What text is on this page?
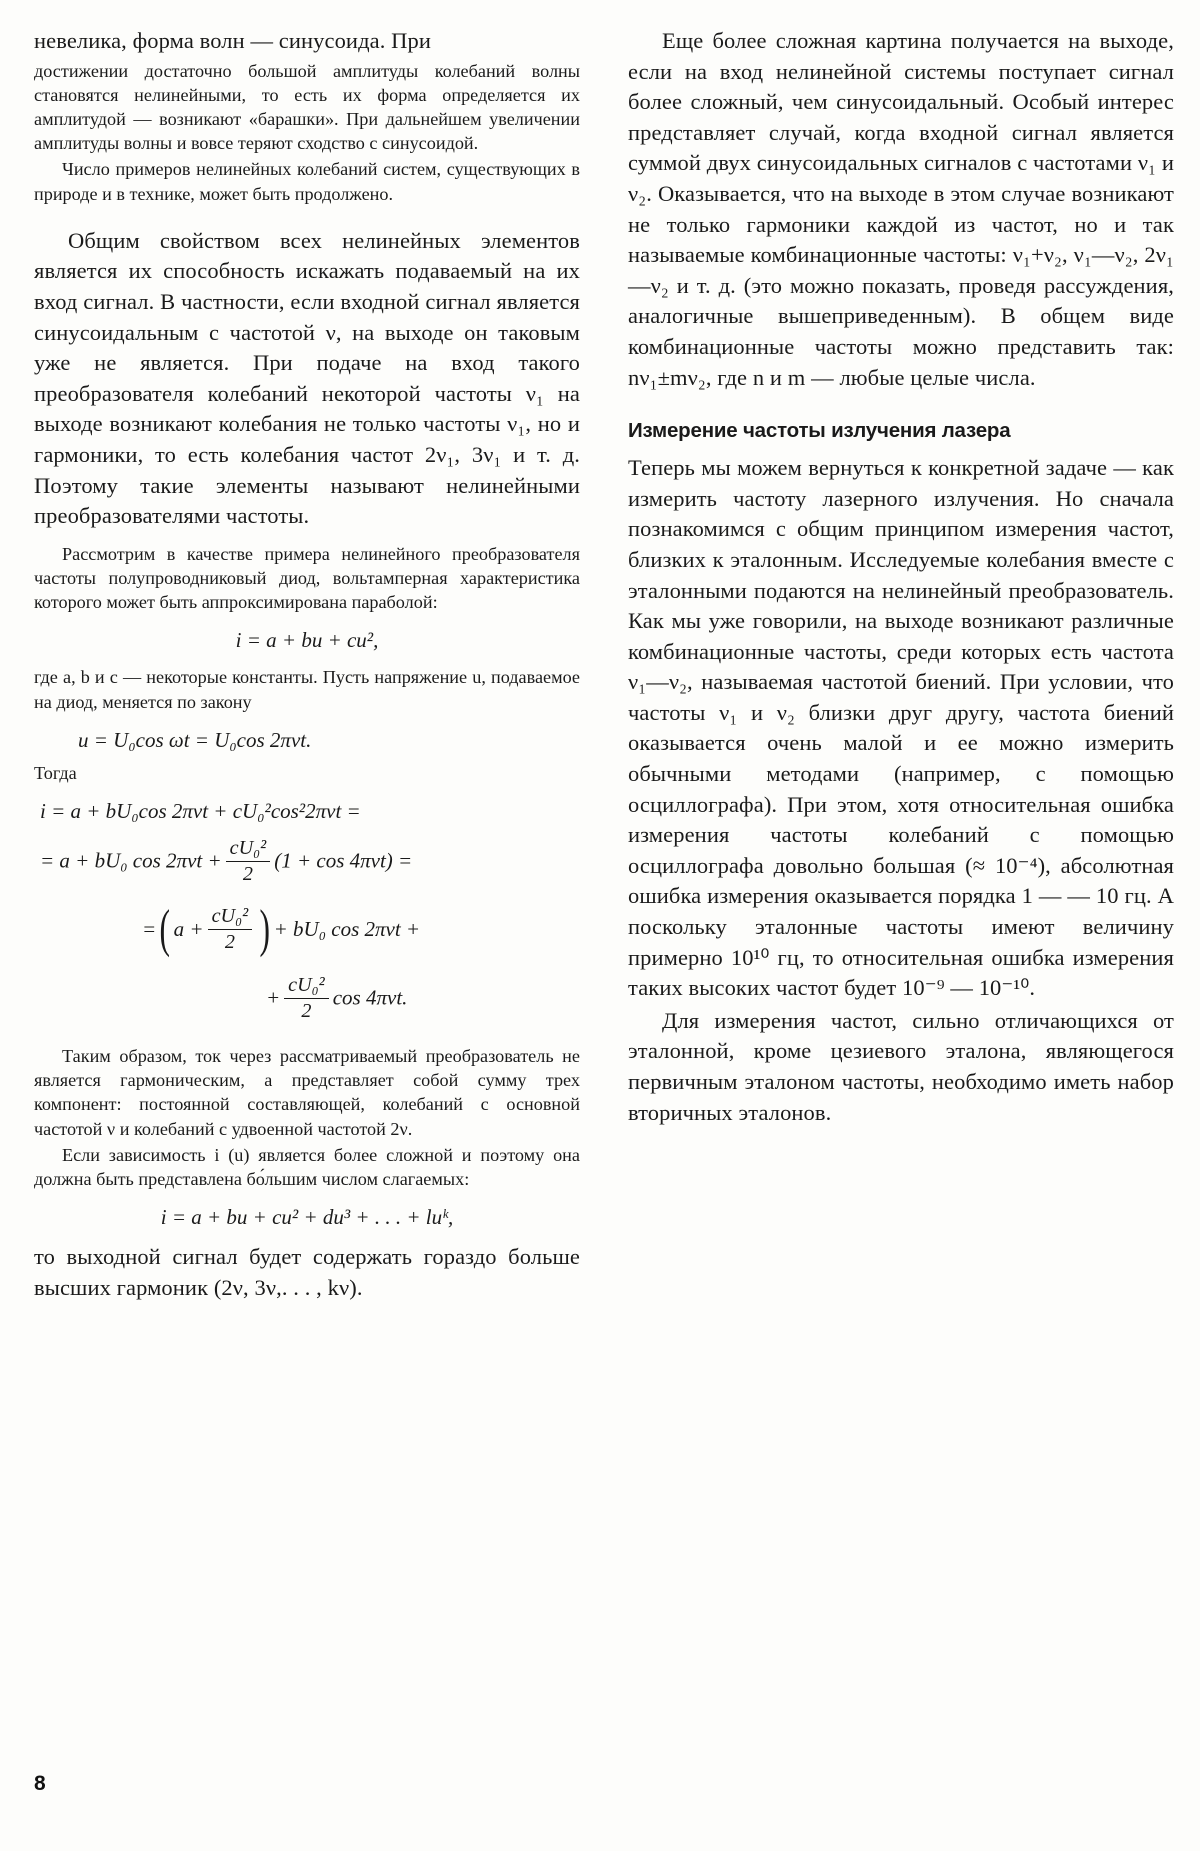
невелика, форма волн — синусоида. При

достижении достаточно большой амплитуды колебаний волны становятся нелинейными, то есть их форма определяется их амплитудой — возникают «барашки». При дальнейшем увеличении амплитуды волны и вовсе теряют сходство с синусоидой.

Число примеров нелинейных колебаний систем, существующих в природе и в технике, может быть продолжено.

Общим свойством всех нелинейных элементов является их способность искажать подаваемый на их вход сигнал. В частности, если входной сигнал является синусоидальным с частотой ν, на выходе он таковым уже не является. При подаче на вход такого преобразователя колебаний некоторой частоты ν₁ на выходе возникают колебания не только частоты ν₁, но и гармоники, то есть колебания частот 2ν₁, 3ν₁ и т. д. Поэтому такие элементы называют нелинейными преобразователями частоты.

Рассмотрим в качестве примера нелинейного преобразователя частоты полупроводниковый диод, вольтамперная характеристика которого может быть аппроксимирована параболой:

i = a + bu + cu²,

где a, b и c — некоторые константы. Пусть напряжение u, подаваемое на диод, меняется по закону

u = U₀cos ωt = U₀cos 2πνt.

Тогда

i = a + bU₀cos 2πνt + cU₀²cos²2πνt =
= a + bU₀ $\cos 2\pi\nu t + \frac{\text{cU₀²}}{2} (1 + \cos 4\pi\nu t)$ =
=( $a + \frac{\text{cU₀²}}{2}$ ) + bU₀ cos 2πνt +
+ $\frac{\text{cU₀²}}{2}$ cos 4πνt.

Таким образом, ток через рассматриваемый преобразователь не является гармоническим, а представляет собой сумму трех компонент: постоянной составляющей, колебаний с основной частотой ν и колебаний с удвоенной частотой 2ν.

Если зависимость i (u) является более сложной и поэтому она должна быть представлена бо́льшим числом слагаемых:

i = a + bu + cu² + du³ + . . . + luᵏ,

то выходной сигнал будет содержать гораздо больше высших гармоник (2ν, 3ν,. . . , kν).

Еще более сложная картина получается на выходе, если на вход нелинейной системы поступает сигнал более сложный, чем синусоидальный. Особый интерес представляет случай, когда входной сигнал является суммой двух синусоидальных сигналов с частотами ν₁ и ν₂. Оказывается, что на выходе в этом случае возникают не только гармоники каждой из частот, но и так называемые комбинационные частоты: ν₁+ν₂, ν₁—ν₂, 2ν₁—ν₂ и т. д. (это можно показать, проведя рассуждения, аналогичные вышеприведенным). В общем виде комбинационные частоты можно представить так: nν₁±mν₂, где n и m — любые целые числа.

Измерение частоты излучения лазера

Теперь мы можем вернуться к конкретной задаче — как измерить частоту лазерного излучения. Но сначала познакомимся с общим принципом измерения частот, близких к эталонным. Исследуемые колебания вместе с эталонными подаются на нелинейный преобразователь. Как мы уже говорили, на выходе возникают различные комбинационные частоты, среди которых есть частота ν₁—ν₂, называемая частотой биений. При условии, что частоты ν₁ и ν₂ близки друг другу, частота биений оказывается очень малой и ее можно измерить обычными методами (например, с помощью осциллографа). При этом, хотя относительная ошибка измерения частоты колебаний с помощью осциллографа довольно большая (≈ 10⁻⁴), абсолютная ошибка измерения оказывается порядка 1 — — 10 гц. А поскольку эталонные частоты имеют величину примерно 10¹⁰ гц, то относительная ошибка измерения таких высоких частот будет 10⁻⁹ — 10⁻¹⁰.

Для измерения частот, сильно отличающихся от эталонной, кроме цезиевого эталона, являющегося первичным эталоном частоты, необходимо иметь набор вторичных эталонов.

8
